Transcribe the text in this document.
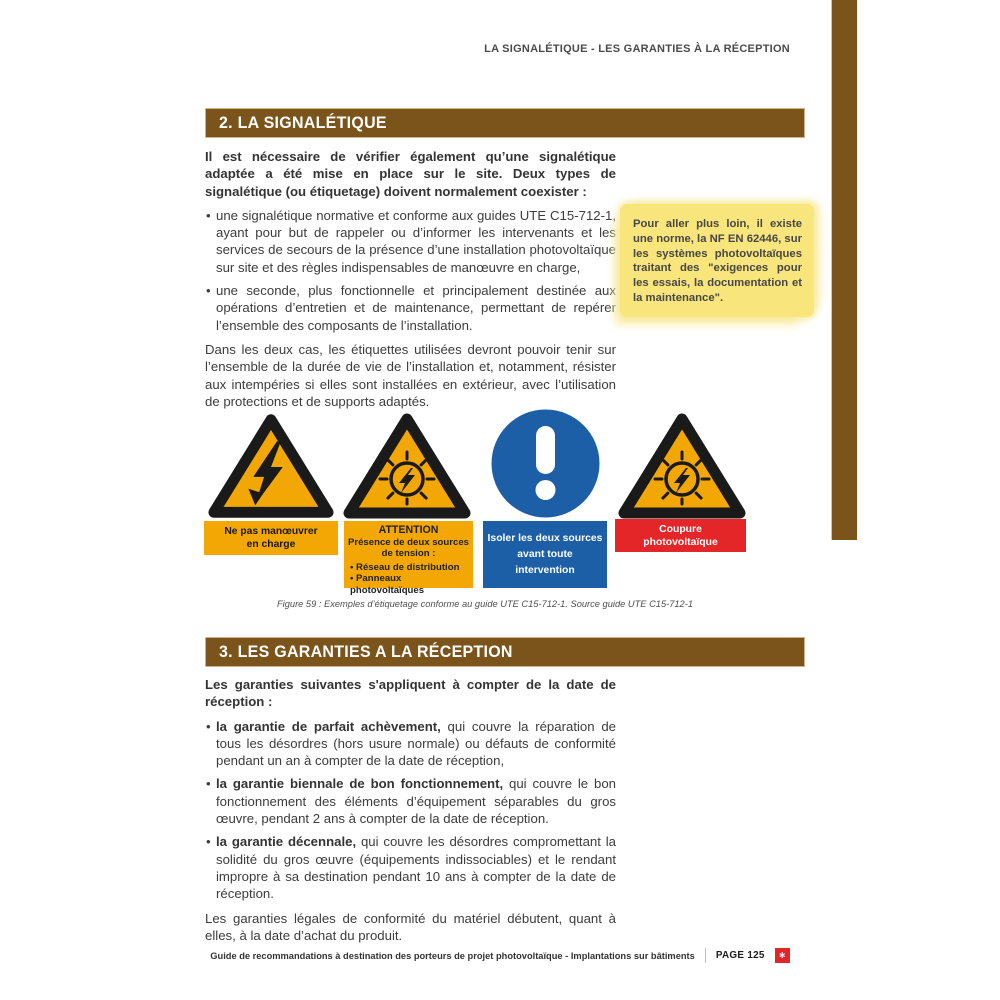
LA SIGNALÉTIQUE - LES GARANTIES À LA RÉCEPTION
2. LA SIGNALÉTIQUE

Il est nécessaire de vérifier également qu’une signalétique adaptée a été mise en place sur le site. Deux types de signalétique (ou étiquetage) doivent normalement coexister :

• une signalétique normative et conforme aux guides UTE C15-712-1, ayant pour but de rappeler ou d’informer les intervenants et les services de secours de la présence d’une installation photovoltaïque sur site et des règles indispensables de manœuvre en charge,
• une seconde, plus fonctionnelle et principalement destinée aux opérations d’entretien et de maintenance, permettant de repérer l’ensemble des composants de l’installation.

Dans les deux cas, les étiquettes utilisées devront pouvoir tenir sur l’ensemble de la durée de vie de l’installation et, notamment, résister aux intempéries si elles sont installées en extérieur, avec l’utilisation de protections et de supports adaptés.

Pour aller plus loin, il existe une norme, la NF EN 62446, sur les systèmes photovoltaïques traitant des "exigences pour les essais, la documentation et la maintenance".

Ne pas manœuvrer
en charge
ATTENTION
Présence de deux sources
de tension :
• Réseau de distribution
• Panneaux photovoltaïques
Isoler les deux sources
avant toute
intervention
Coupure
photovoltaïque
Figure 59 : Exemples d’étiquetage conforme au guide UTE C15-712-1. Source guide UTE C15-712-1
3. LES GARANTIES A LA RÉCEPTION

Les garanties suivantes s'appliquent à compter de la date de réception :

• la garantie de parfait achèvement, qui couvre la réparation de tous les désordres (hors usure normale) ou défauts de conformité pendant un an à compter de la date de réception,
• la garantie biennale de bon fonctionnement, qui couvre le bon fonctionnement des éléments d’équipement séparables du gros œuvre, pendant 2 ans à compter de la date de réception.
• la garantie décennale, qui couvre les désordres compromettant la solidité du gros œuvre (équipements indissociables) et le rendant impropre à sa destination pendant 10 ans à compter de la date de réception.

Les garanties légales de conformité du matériel débutent, quant à elles, à la date d’achat du produit.

Guide de recommandations à destination des porteurs de projet photovoltaïque - Implantations sur bâtiments PAGE 125	✱
